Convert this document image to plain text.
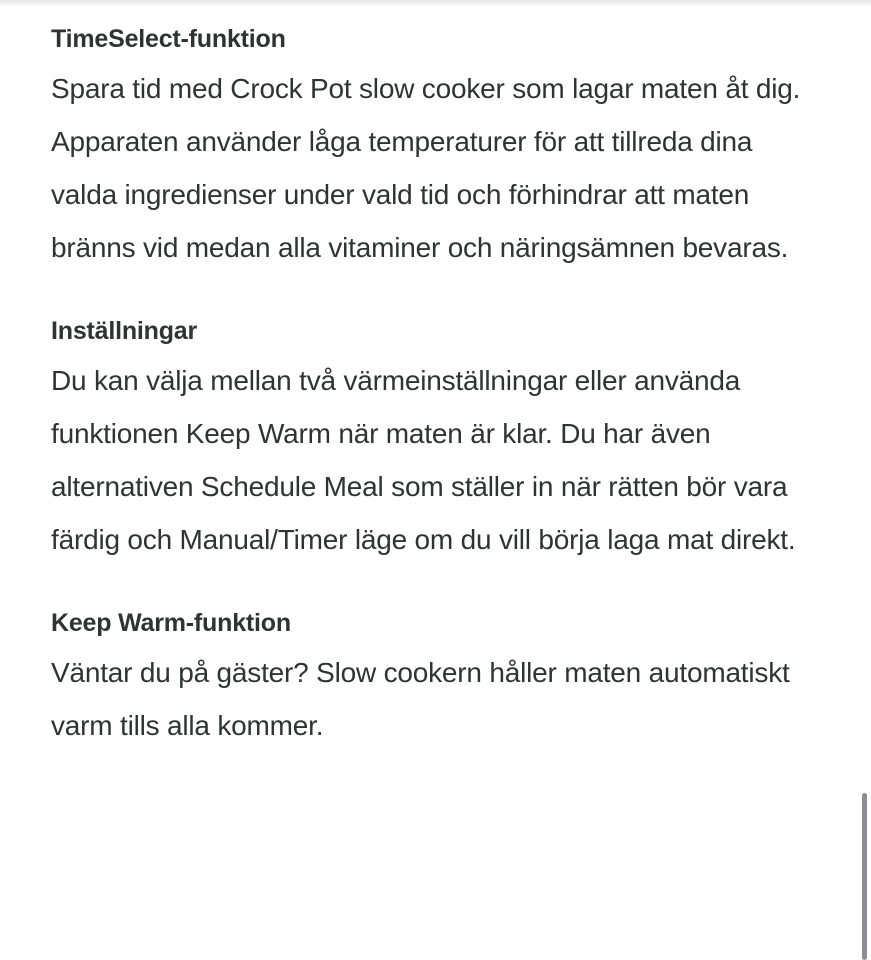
TimeSelect-funktion

Spara tid med Crock Pot slow cooker som lagar maten åt dig. Apparaten använder låga temperaturer för att tillreda dina valda ingredienser under vald tid och förhindrar att maten bränns vid medan alla vitaminer och näringsämnen bevaras.

Inställningar

Du kan välja mellan två värmeinställningar eller använda funktionen Keep Warm när maten är klar. Du har även alternativen Schedule Meal som ställer in när rätten bör vara färdig och Manual/Timer läge om du vill börja laga mat direkt.

Keep Warm-funktion

Väntar du på gäster? Slow cookern håller maten automatiskt varm tills alla kommer.
